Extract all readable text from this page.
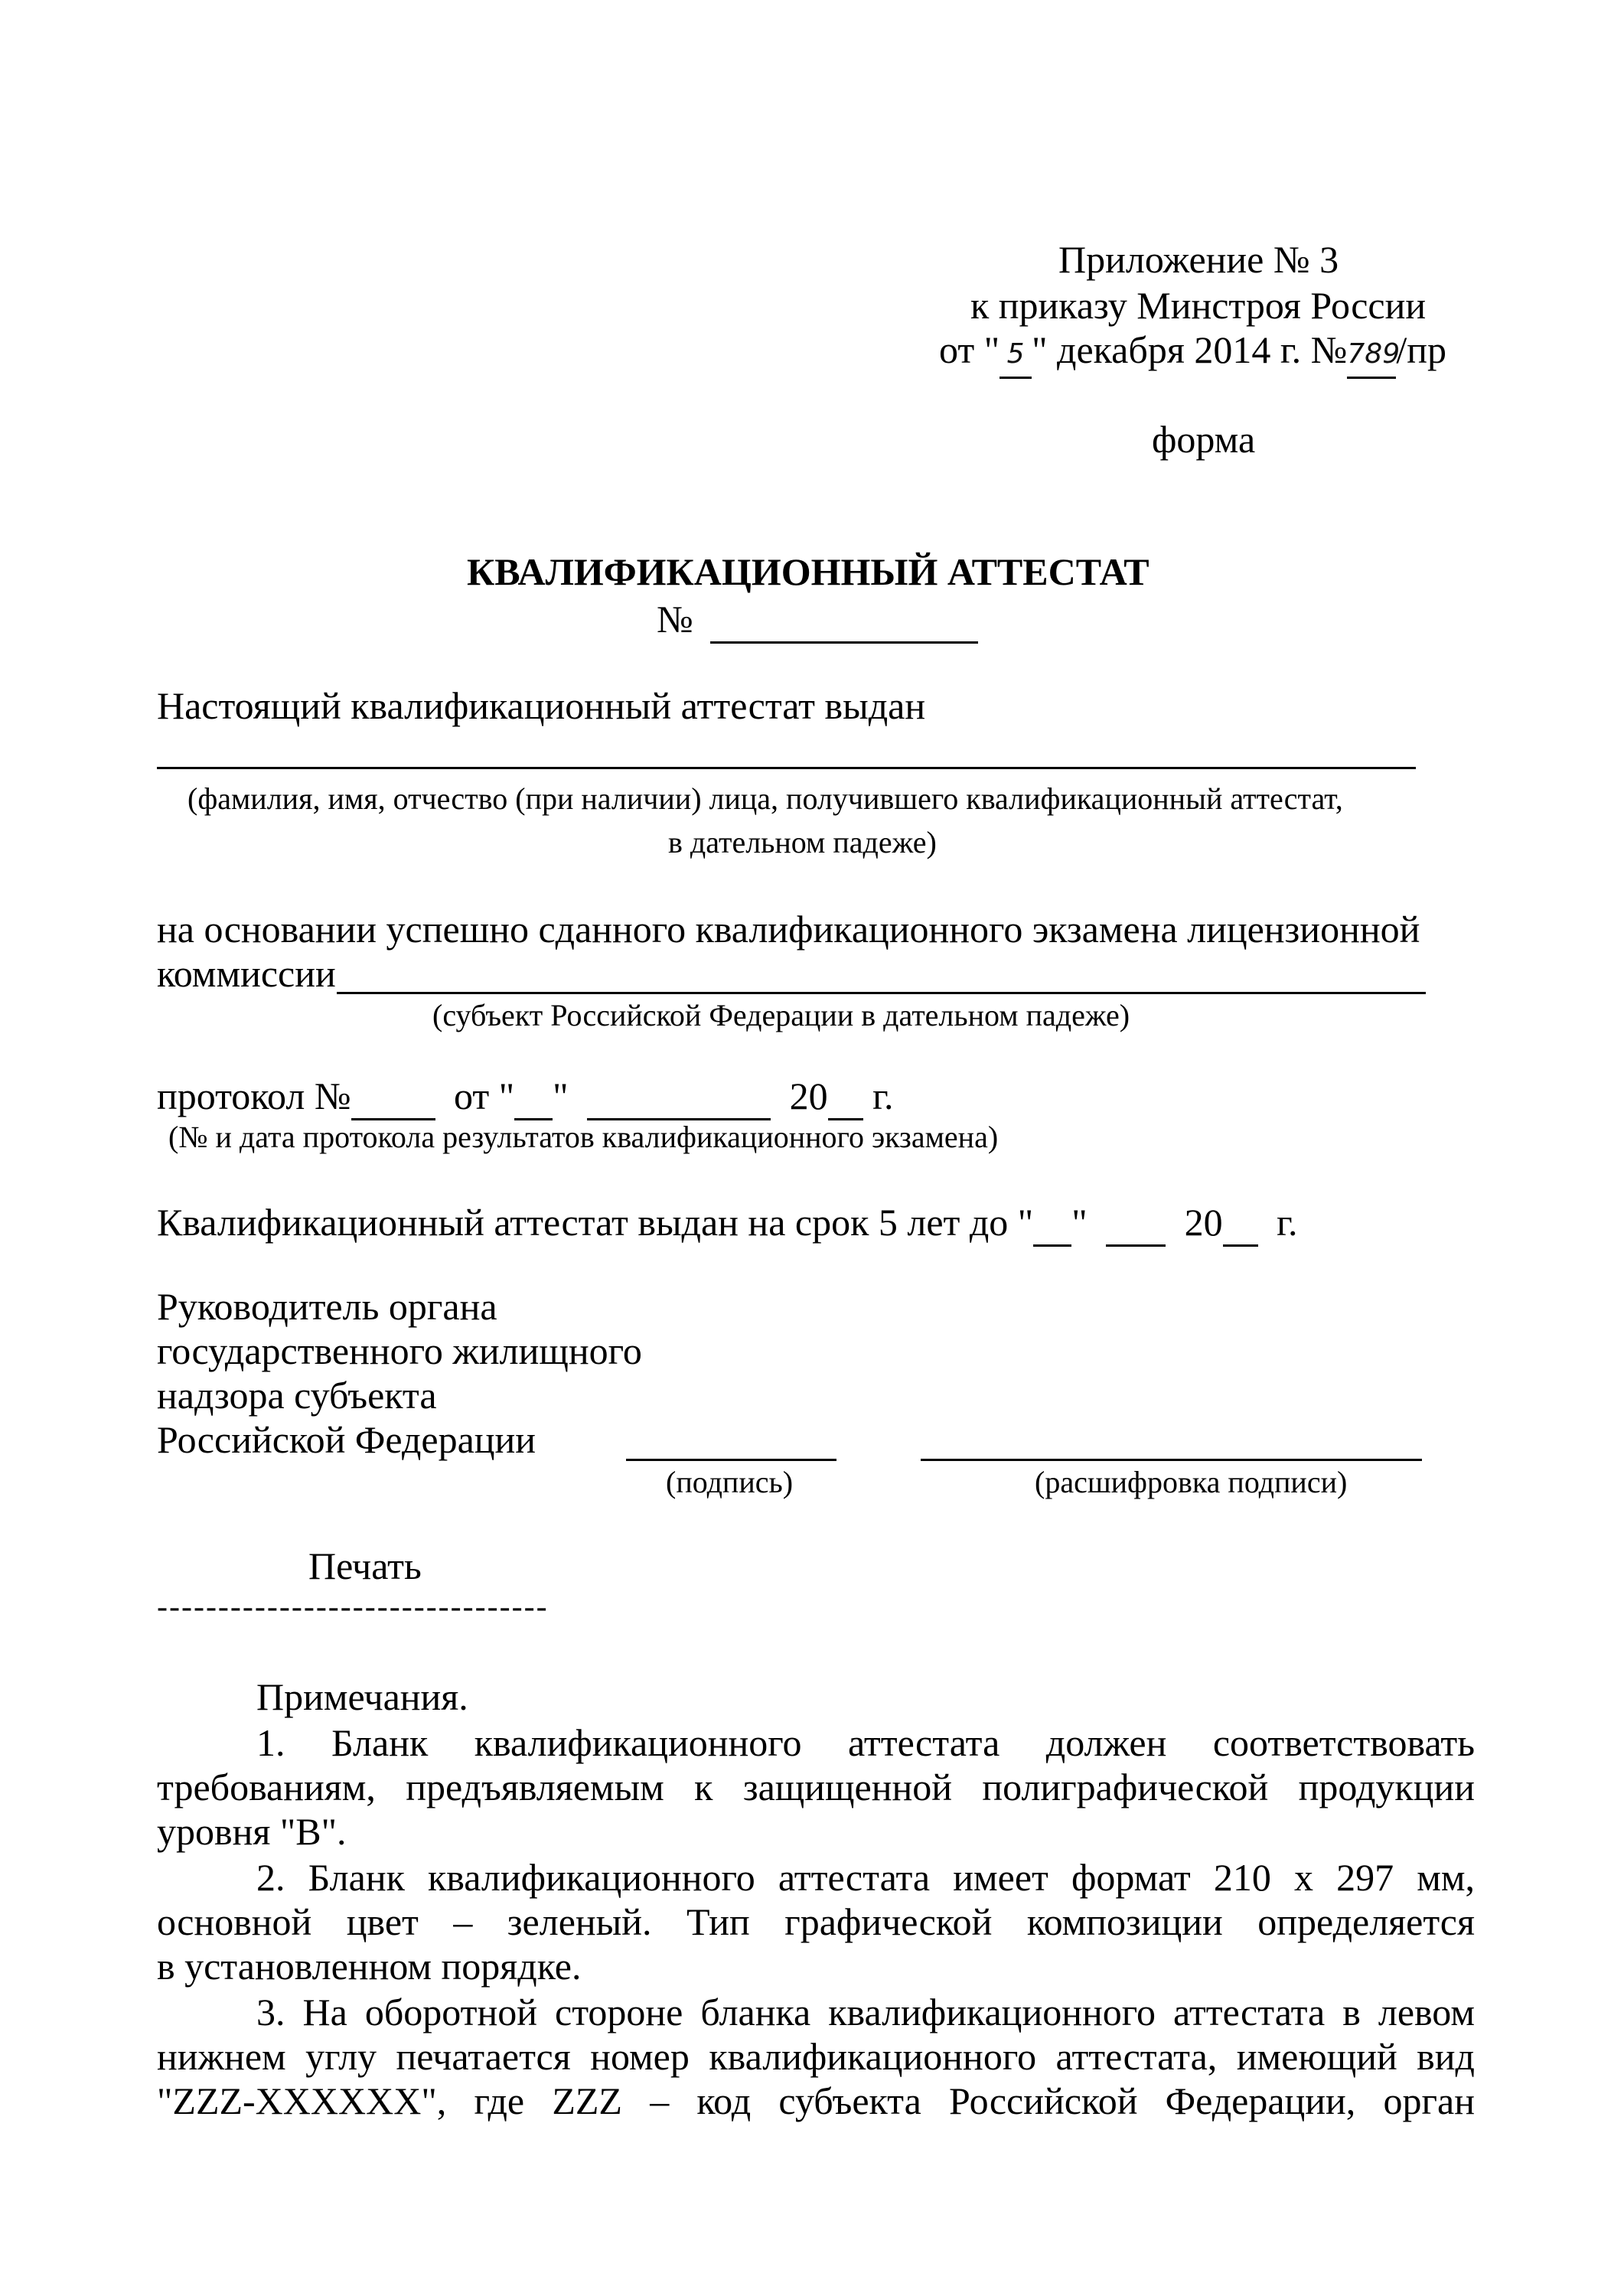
Приложение № 3
к приказу Минстроя России
от " 5 " декабря 2014 г. №789/пр
форма
КВАЛИФИКАЦИОННЫЙ АТТЕСТАТ
№
Настоящий квалификационный аттестат выдан
(фамилия, имя, отчество (при наличии) лица, получившего квалификационный аттестат,
в дательном падеже)
на основании успешно сданного квалификационного экзамена лицензионной
коммиссии
(субъект Российской Федерации в дательном падеже)
протокол №	от " "	20 г.
(№ и дата протокола результатов квалификационного экзамена)
Квалификационный аттестат выдан на срок 5 лет до " "	20 г.
Руководитель органа
государственного жилищного
надзора субъекта
Российской Федерации
(подпись)	(расшифровка подписи)
Печать
--------------------------------
Примечания.
1. Бланк квалификационного аттестата должен соответствовать
требованиям, предъявляемым к защищенной полиграфической продукции
уровня "В".
2. Бланк квалификационного аттестата имеет формат 210 х 297 мм,
основной цвет – зеленый. Тип графической композиции определяется
в установленном порядке.
3. На оборотной стороне бланка квалификационного аттестата в левом
нижнем углу печатается номер квалификационного аттестата, имеющий вид
"ZZZ-XXXXXX", где ZZZ – код субъекта Российской Федерации, орган
